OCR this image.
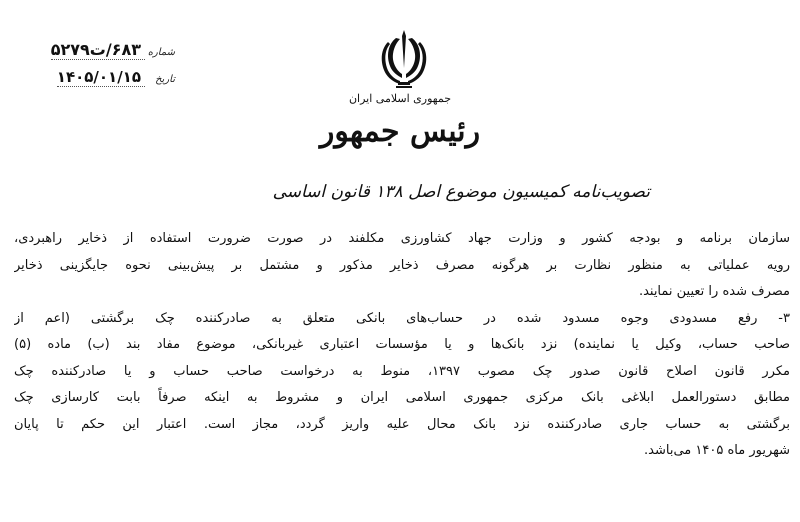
جمهوری اسلامی ایران
رئیس جمهور
تصویب‌نامه کمیسیون موضوع اصل ۱۳۸ قانون اساسی
شماره
۶۸۳/ت۵۲۷۹
تاریخ
۱۴۰۵/۰۱/۱۵
سازمان برنامه و بودجه کشور و وزارت جهاد کشاورزی مکلفند در صورت ضرورت استفاده از ذخایر راهبردی،
رویه عملیاتی به منظور نظارت بر هرگونه مصرف ذخایر مذکور و مشتمل بر پیش‌بینی نحوه جایگزینی ذخایر
مصرف شده را تعیین نمایند.
۳- رفع مسدودی وجوه مسدود شده در حساب‌های بانکی متعلق به صادرکننده چک برگشتی (اعم از
صاحب حساب، وکیل یا نماینده) نزد بانک‌ها و یا مؤسسات اعتباری غیربانکی، موضوع مفاد بند (ب) ماده (۵)
مکرر قانون اصلاح قانون صدور چک مصوب ۱۳۹۷، منوط به درخواست صاحب حساب و یا صادرکننده چک
مطابق دستورالعمل ابلاغی بانک مرکزی جمهوری اسلامی ایران و مشروط به اینکه صرفاً بابت کارسازی چک
برگشتی به حساب جاری صادرکننده نزد بانک محال علیه واریز گردد، مجاز است. اعتبار این حکم تا پایان
شهریور ماه ۱۴۰۵ می‌باشد.
